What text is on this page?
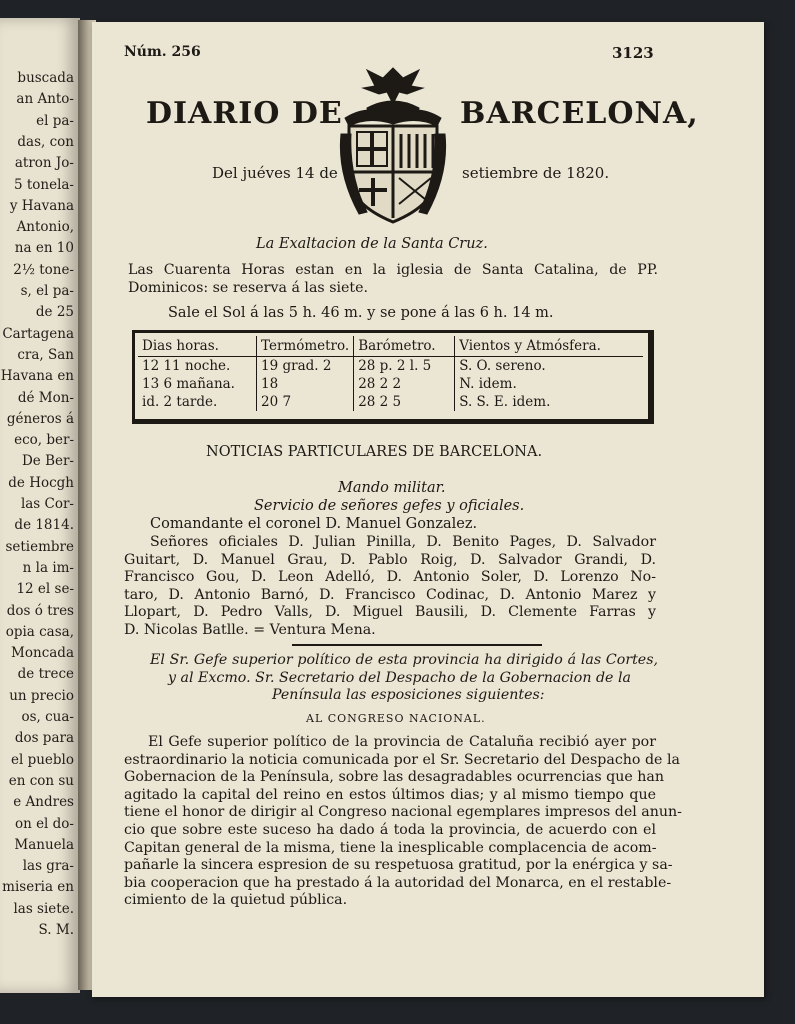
buscada
an Anto-
el pa-
das, con
atron Jo-
5 tonela-
y Havana
Antonio,
na en 10
2½ tone-
s, el pa-
de 25
Cartagena
cra, San
Havana en
dé Mon-
géneros á
eco, ber-
De Ber-
de Hocgh
las Cor-
de 1814.
setiembre
n la im-
12 el se-
dos ó tres
opia casa,
Moncada
de trece
un precio
os, cua-
dos para
el pueblo
en con su
e Andres
on el do-
Manuela
las gra-
miseria en
las siete.
S. M.
Núm. 256	3123
DIARIO DE	BARCELONA,
Del juéves 14 de	setiembre de 1820.
La Exaltacion de la Santa Cruz.
Las Cuarenta Horas estan en la iglesia de Santa Catalina, de PP.
Dominicos: se reserva á las siete.
Sale el Sol á las 5 h. 46 m. y se pone á las 6 h. 14 m.
Dias horas.	Termómetro.	Barómetro.	Vientos y Atmósfera.
12 11 noche.	19 grad. 2	28 p. 2 l. 5	S. O. sereno.
13 6 mañana.	18	28 2 2	N. idem.
id. 2 tarde.	20 7	28 2 5	S. S. E. idem.
NOTICIAS PARTICULARES DE BARCELONA.
Mando militar.
Servicio de señores gefes y oficiales.
Comandante el coronel D. Manuel Gonzalez.
Señores oficiales D. Julian Pinilla, D. Benito Pages, D. Salvador
Guitart, D. Manuel Grau, D. Pablo Roig, D. Salvador Grandi, D.
Francisco Gou, D. Leon Adelló, D. Antonio Soler, D. Lorenzo No-
taro, D. Antonio Barnó, D. Francisco Codinac, D. Antonio Marez y
Llopart, D. Pedro Valls, D. Miguel Bausili, D. Clemente Farras y
D. Nicolas Batlle. = Ventura Mena.
El Sr. Gefe superior político de esta provincia ha dirigido á las Cortes,
y al Excmo. Sr. Secretario del Despacho de la Gobernacion de la
Península las esposiciones siguientes:
AL CONGRESO NACIONAL.
El Gefe superior político de la provincia de Cataluña recibió ayer por
estraordinario la noticia comunicada por el Sr. Secretario del Despacho de la
Gobernacion de la Península, sobre las desagradables ocurrencias que han
agitado la capital del reino en estos últimos dias; y al mismo tiempo que
tiene el honor de dirigir al Congreso nacional egemplares impresos del anun-
cio que sobre este suceso ha dado á toda la provincia, de acuerdo con el
Capitan general de la misma, tiene la inesplicable complacencia de acom-
pañarle la sincera espresion de su respetuosa gratitud, por la enérgica y sa-
bia cooperacion que ha prestado á la autoridad del Monarca, en el restable-
cimiento de la quietud pública.
